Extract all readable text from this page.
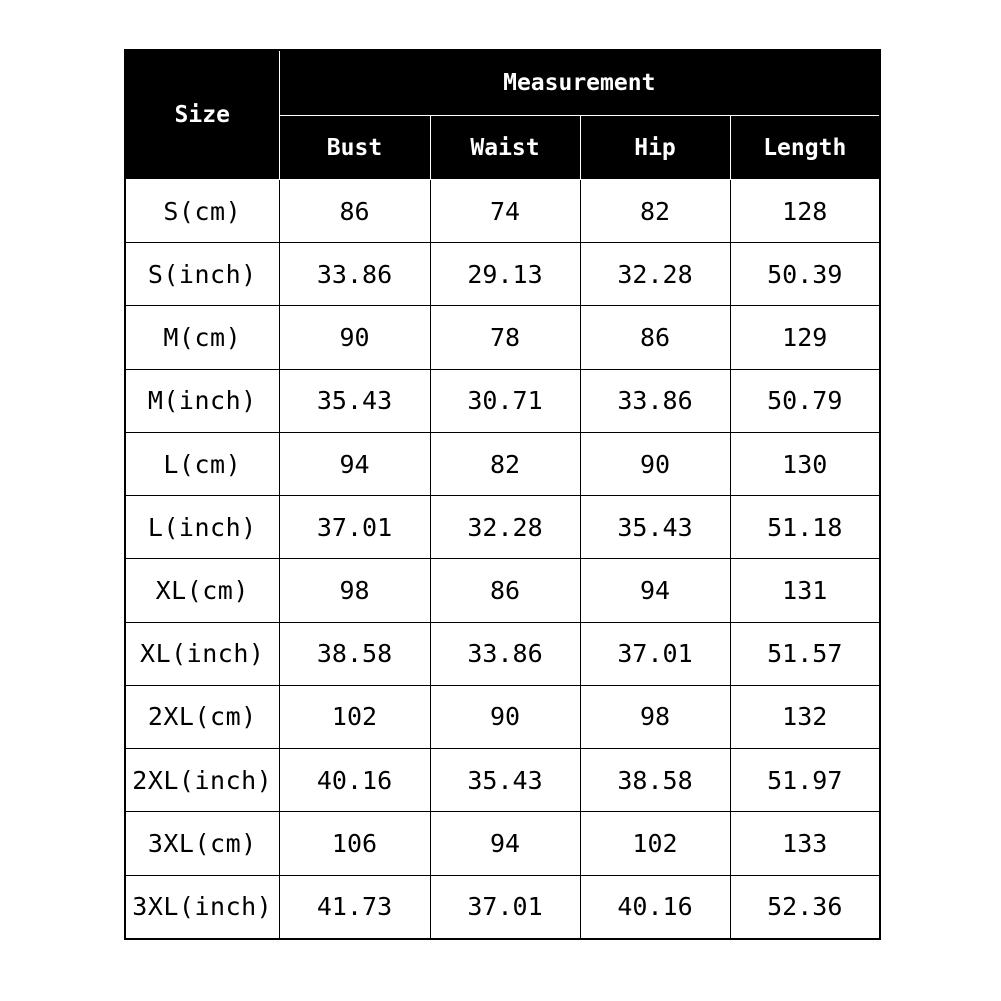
Size	Measurement			
	Bust	Waist	Hip	Length
S(cm)	86	74	82	128
S(inch)	33.86	29.13	32.28	50.39
M(cm)	90	78	86	129
M(inch)	35.43	30.71	33.86	50.79
L(cm)	94	82	90	130
L(inch)	37.01	32.28	35.43	51.18
XL(cm)	98	86	94	131
XL(inch)	38.58	33.86	37.01	51.57
2XL(cm)	102	90	98	132
2XL(inch)	40.16	35.43	38.58	51.97
3XL(cm)	106	94	102	133
3XL(inch)	41.73	37.01	40.16	52.36
